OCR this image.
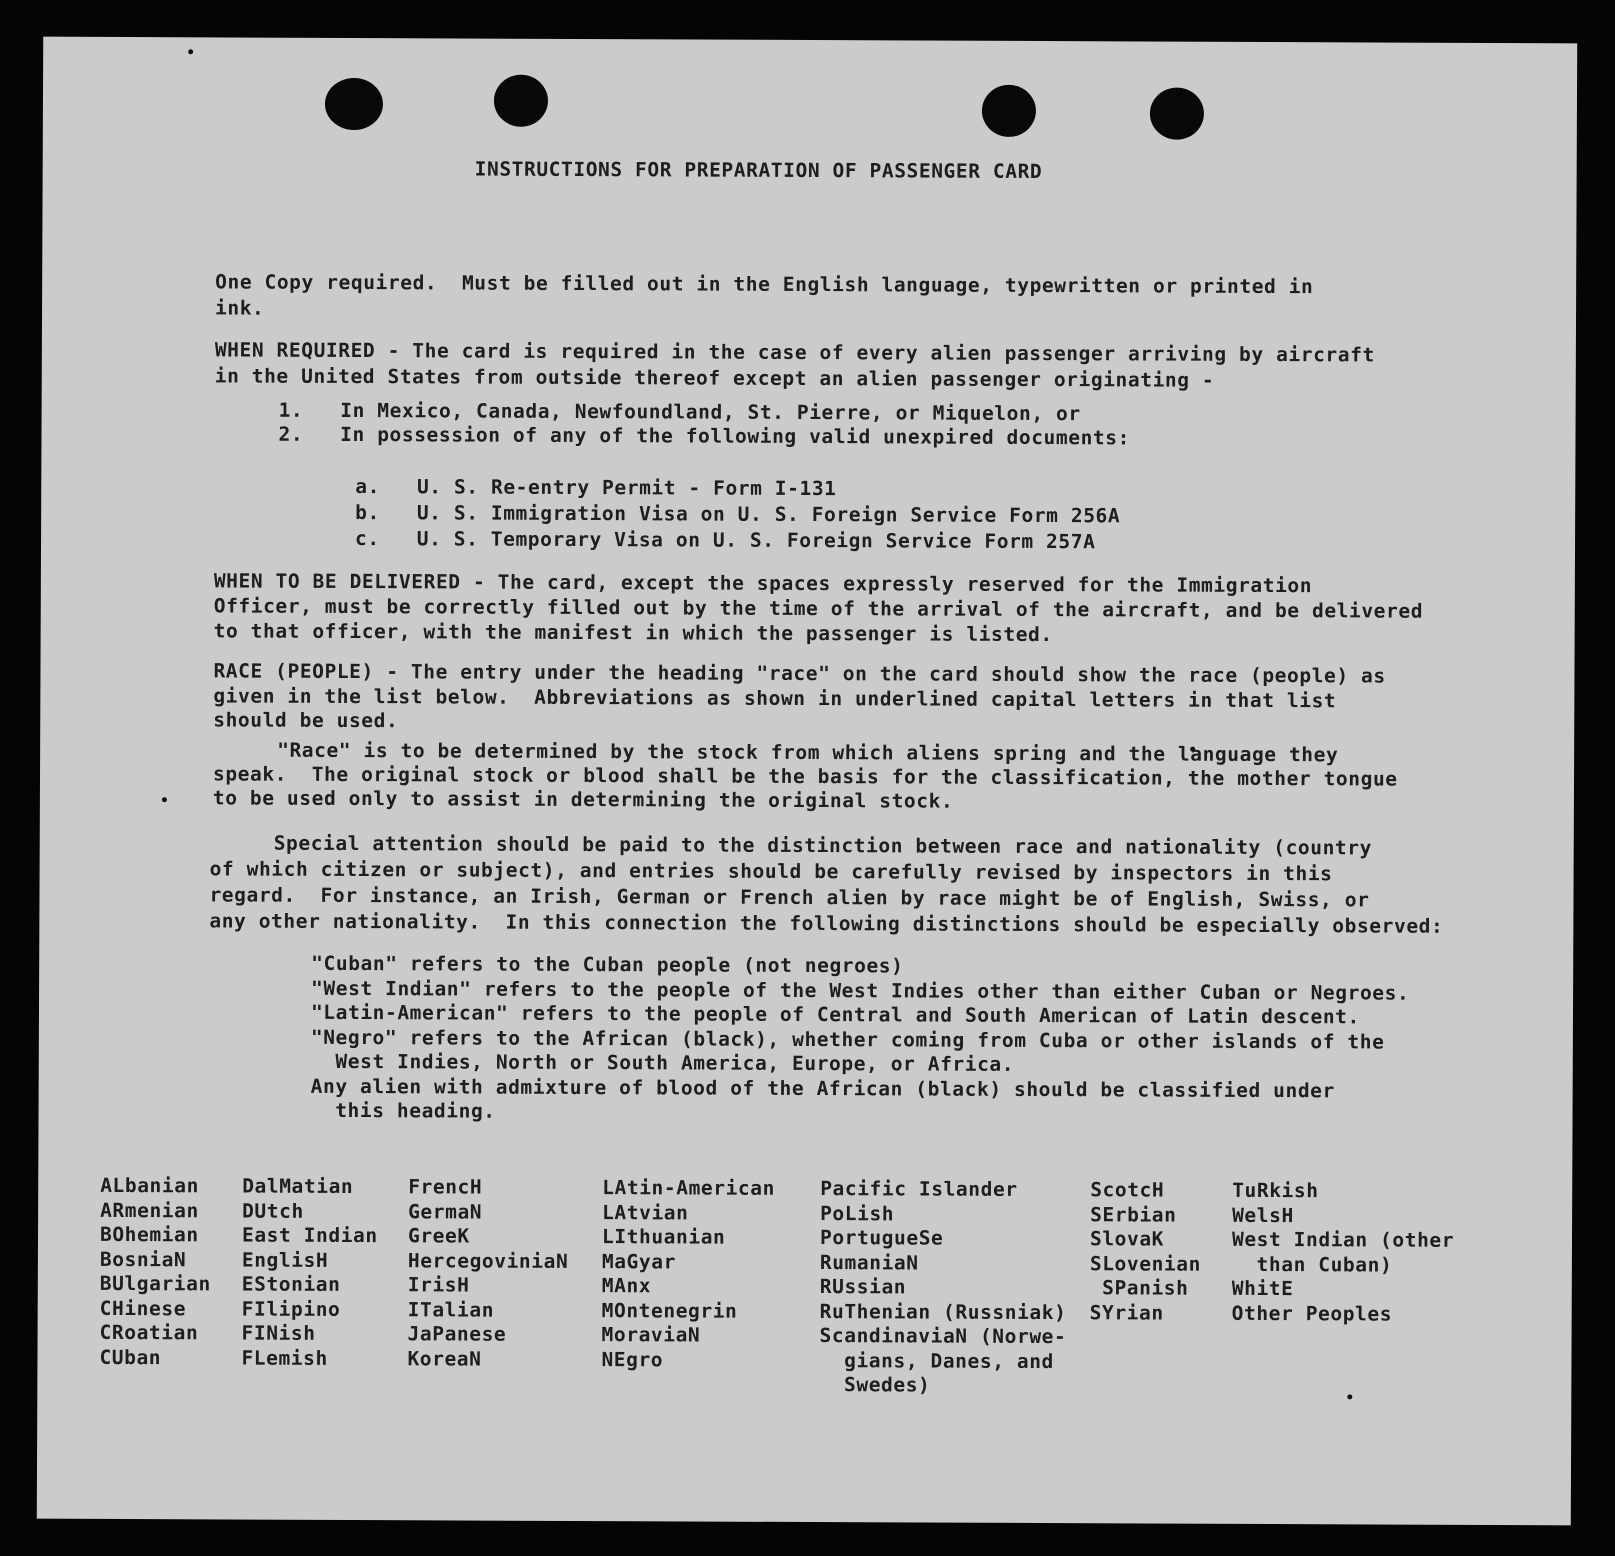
INSTRUCTIONS FOR PREPARATION OF PASSENGER CARD

One Copy required.  Must be filled out in the English language, typewritten or printed in
ink.

WHEN REQUIRED - The card is required in the case of every alien passenger arriving by aircraft
in the United States from outside thereof except an alien passenger originating -

1.   In Mexico, Canada, Newfoundland, St. Pierre, or Miquelon, or
2.   In possession of any of the following valid unexpired documents:

a.   U. S. Re-entry Permit - Form I-131
b.   U. S. Immigration Visa on U. S. Foreign Service Form 256A
c.   U. S. Temporary Visa on U. S. Foreign Service Form 257A

WHEN TO BE DELIVERED - The card, except the spaces expressly reserved for the Immigration
Officer, must be correctly filled out by the time of the arrival of the aircraft, and be delivered
to that officer, with the manifest in which the passenger is listed.

RACE (PEOPLE) - The entry under the heading "race" on the card should show the race (people) as
given in the list below.  Abbreviations as shown in underlined capital letters in that list
should be used.

"Race" is to be determined by the stock from which aliens spring and the language they
speak.  The original stock or blood shall be the basis for the classification, the mother tongue
to be used only to assist in determining the original stock.

Special attention should be paid to the distinction between race and nationality (country
of which citizen or subject), and entries should be carefully revised by inspectors in this
regard.  For instance, an Irish, German or French alien by race might be of English, Swiss, or
any other nationality.  In this connection the following distinctions should be especially observed:

"Cuban" refers to the Cuban people (not negroes)
"West Indian" refers to the people of the West Indies other than either Cuban or Negroes.
"Latin-American" refers to the people of Central and South American of Latin descent.
"Negro" refers to the African (black), whether coming from Cuba or other islands of the
West Indies, North or South America, Europe, or Africa.
Any alien with admixture of blood of the African (black) should be classified under
this heading.

ALbanian
ARmenian
BOhemian
BosniaN
BUlgarian
CHinese
CRoatian
CUban

DalMatian
DUtch
East Indian
EnglisH
EStonian
FIlipino
FINish
FLemish

FrencH
GermaN
GreeK
HercegoviniaN
IrisH
ITalian
JaPanese
KoreaN

LAtin-American
LAtvian
LIthuanian
MaGyar
MAnx
MOntenegrin
MoraviaN
NEgro

Pacific Islander
PoLish
PortugueSe
RumaniaN
RUssian
RuThenian (Russniak)
ScandinaviaN (Norwe-
gians, Danes, and
Swedes)

ScotcH
SErbian
SlovaK
SLovenian
SPanish
SYrian

TuRkish
WelsH
West Indian (other
than Cuban)
WhitE
Other Peoples
